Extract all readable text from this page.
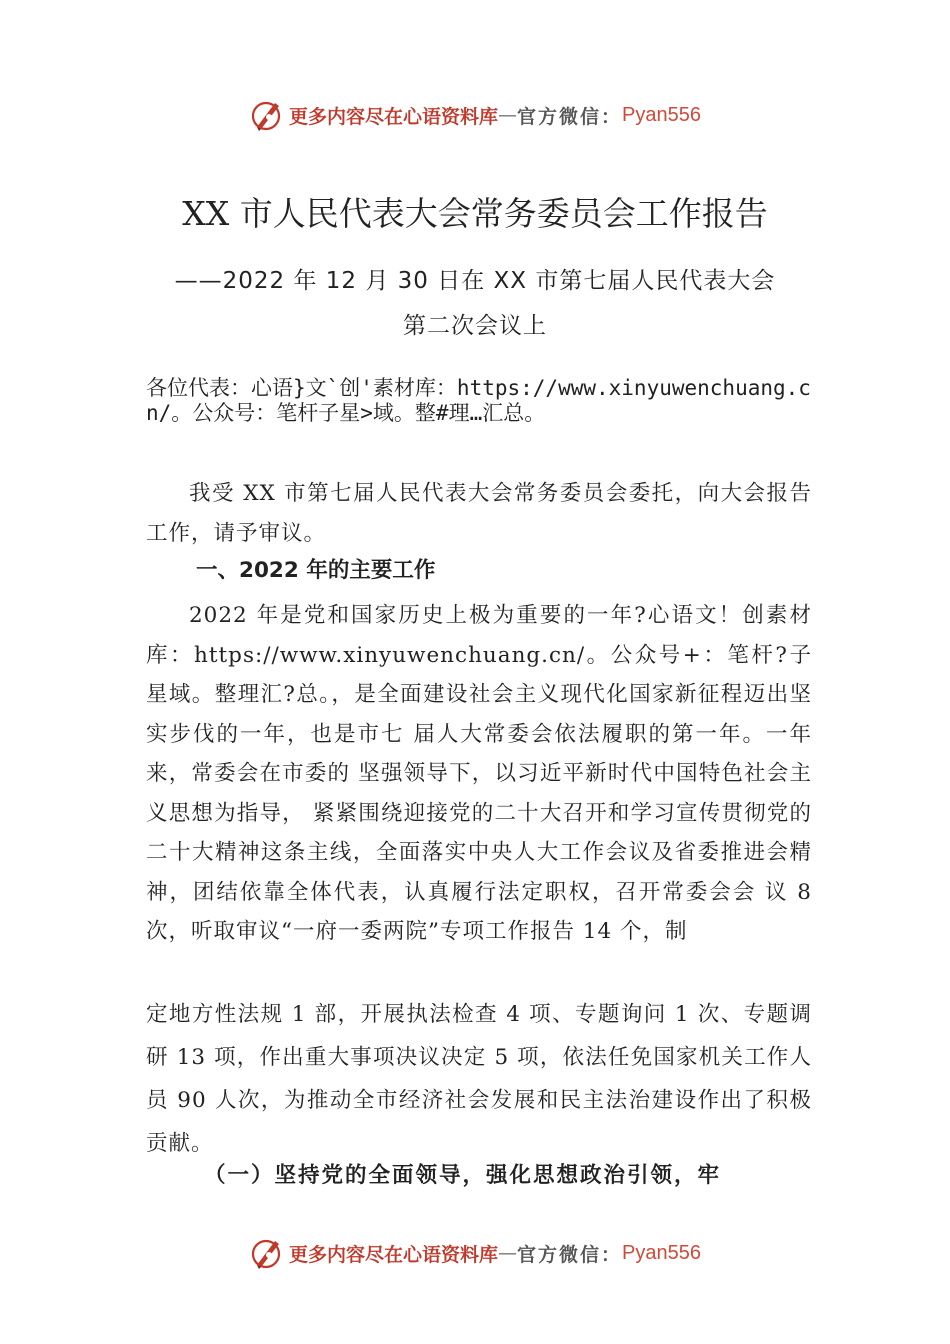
更多内容尽在心语资料库 — 官方微信： Pyan556
XX 市人民代表大会常务委员会工作报告
——2022 年 12 月 30 日在 XX 市第七届人民代表大会
第二次会议上
各位代表：心语}文`创'素材库：https://www.xinyuwenchuang.cn/。公众号：笔杆子星>域。整#理…汇总。

我受 XX 市第七届人民代表大会常务委员会委托，向大会报告工作，请予审议。

一、2022 年的主要工作

2022 年是党和国家历史上极为重要的一年?心语文！创素材库：https://www.xinyuwenchuang.cn/。公众号+：笔杆?子星域。整理汇?总。，是全面建设社会主义现代化国家新征程迈出坚实步伐的一年，也是市七 届人大常委会依法履职的第一年。一年来，常委会在市委的 坚强领导下，以习近平新时代中国特色社会主义思想为指导， 紧紧围绕迎接党的二十大召开和学习宣传贯彻党的二十大精神这条主线，全面落实中央人大工作会议及省委推进会精 神，团结依靠全体代表，认真履行法定职权，召开常委会会 议 8 次，听取审议“一府一委两院”专项工作报告 14 个，制

定地方性法规 1 部，开展执法检查 4 项、专题询问 1 次、专题调研 13 项，作出重大事项决议决定 5 项，依法任免国家机关工作人员 90 人次，为推动全市经济社会发展和民主法治建设作出了积极贡献。

（一）坚持党的全面领导，强化思想政治引领，牢
更多内容尽在心语资料库 — 官方微信： Pyan556
